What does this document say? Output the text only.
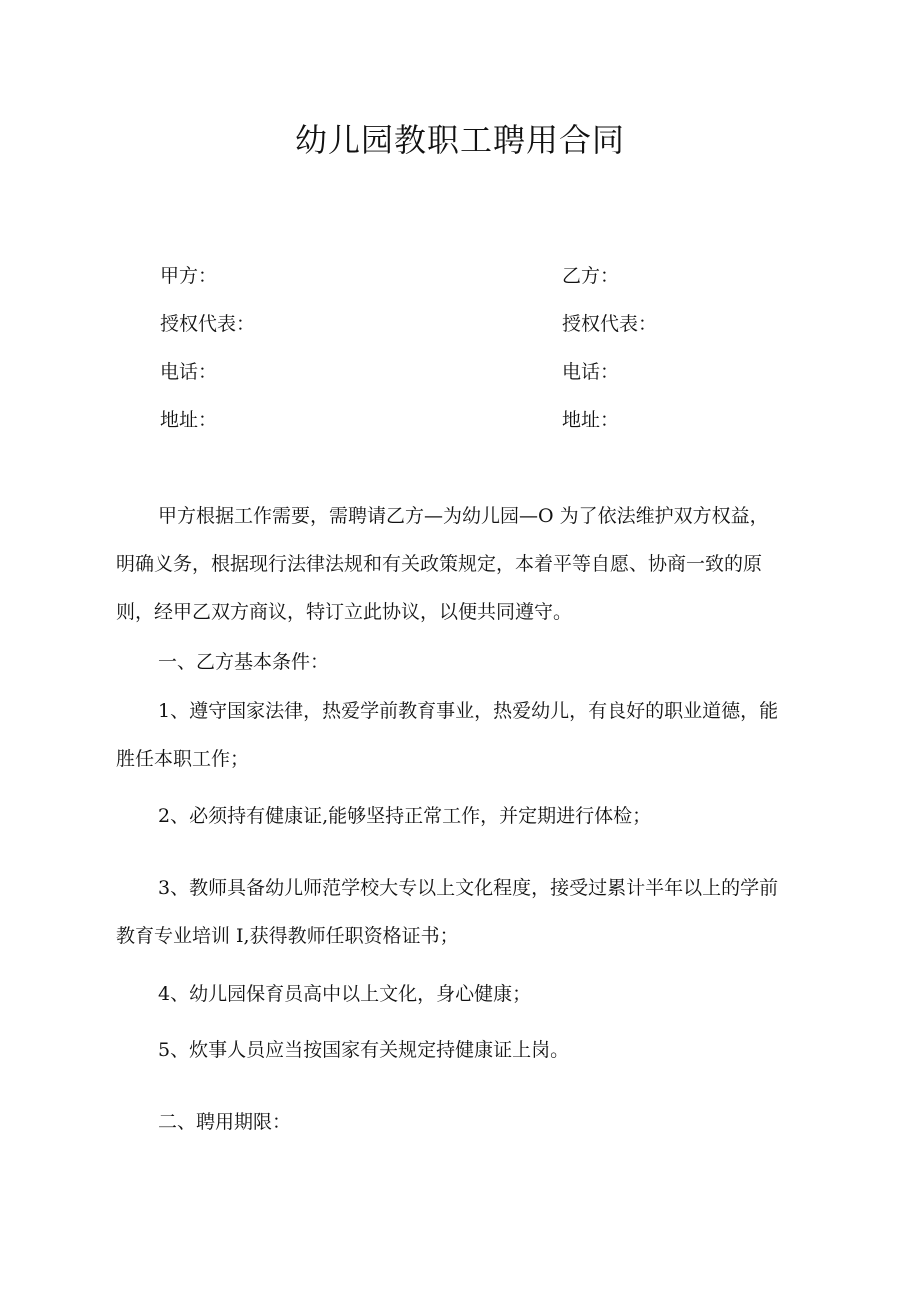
幼儿园教职工聘用合同
甲方：
授权代表：
电话：
地址：
乙方：
授权代表：
电话：
地址：
甲方根据工作需要，需聘请乙方—为幼儿园—O 为了依法维护双方权益，
明确义务，根据现行法律法规和有关政策规定，本着平等自愿、协商一致的原
则，经甲乙双方商议，特订立此协议，以便共同遵守。
一、乙方基本条件：
1、遵守国家法律，热爱学前教育事业，热爱幼儿，有良好的职业道德，能
胜任本职工作；
2、必须持有健康证,能够坚持正常工作，并定期进行体检；
3、教师具备幼儿师范学校大专以上文化程度，接受过累计半年以上的学前
教育专业培训 I,获得教师任职资格证书；
4、幼儿园保育员高中以上文化，身心健康；
5、炊事人员应当按国家有关规定持健康证上岗。
二、聘用期限：
